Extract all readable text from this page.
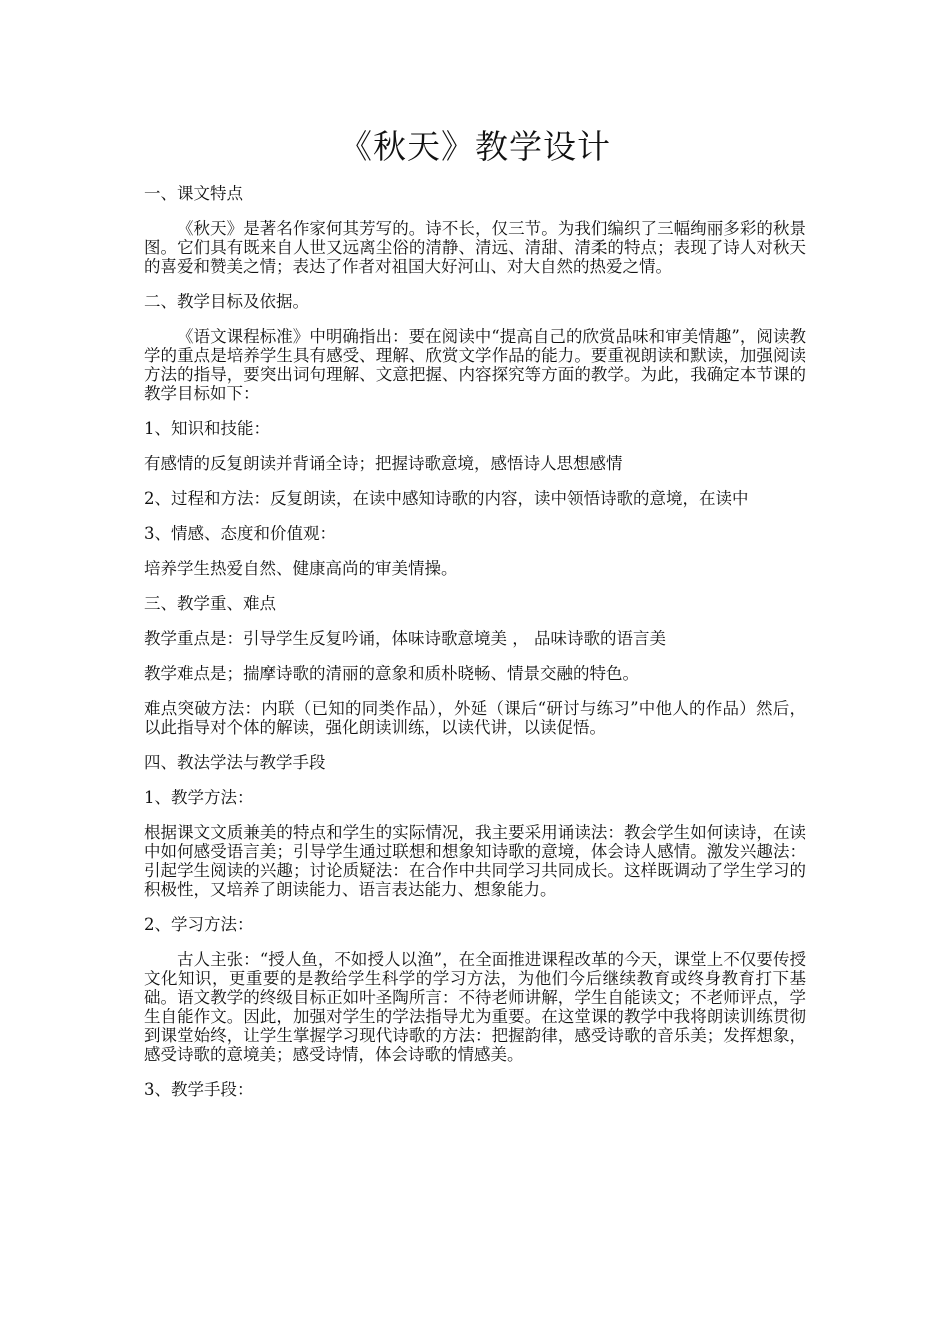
《秋天》教学设计

一、课文特点

《秋天》是著名作家何其芳写的。诗不长，仅三节。为我们编织了三幅绚丽多彩的秋景图。它们具有既来自人世又远离尘俗的清静、清远、清甜、清柔的特点；表现了诗人对秋天的喜爱和赞美之情；表达了作者对祖国大好河山、对大自然的热爱之情。

二、教学目标及依据。

《语文课程标准》中明确指出：要在阅读中“提高自己的欣赏品味和审美情趣”，阅读教学的重点是培养学生具有感受、理解、欣赏文学作品的能力。要重视朗读和默读，加强阅读方法的指导，要突出词句理解、文意把握、内容探究等方面的教学。为此，我确定本节课的教学目标如下：

1、知识和技能：

有感情的反复朗读并背诵全诗；把握诗歌意境，感悟诗人思想感情

2、过程和方法：反复朗读，在读中感知诗歌的内容，读中领悟诗歌的意境，在读中

3、情感、态度和价值观：

培养学生热爱自然、健康高尚的审美情操。

三、教学重、难点

教学重点是：引导学生反复吟诵，体味诗歌意境美 ， 品味诗歌的语言美

教学难点是；揣摩诗歌的清丽的意象和质朴晓畅、情景交融的特色。

难点突破方法：内联（已知的同类作品），外延（课后“研讨与练习”中他人的作品）然后，以此指导对个体的解读，强化朗读训练，以读代讲，以读促悟。

四、教法学法与教学手段

1、教学方法：

根据课文文质兼美的特点和学生的实际情况，我主要采用诵读法：教会学生如何读诗，在读中如何感受语言美；引导学生通过联想和想象知诗歌的意境，体会诗人感情。激发兴趣法：引起学生阅读的兴趣；讨论质疑法：在合作中共同学习共同成长。这样既调动了学生学习的积极性，又培养了朗读能力、语言表达能力、想象能力。

2、学习方法：

古人主张：“授人鱼，不如授人以渔”，在全面推进课程改革的今天，课堂上不仅要传授文化知识，更重要的是教给学生科学的学习方法，为他们今后继续教育或终身教育打下基础。语文教学的终级目标正如叶圣陶所言：不待老师讲解，学生自能读文；不老师评点，学生自能作文。因此，加强对学生的学法指导尤为重要。在这堂课的教学中我将朗读训练贯彻到课堂始终，让学生掌握学习现代诗歌的方法：把握韵律，感受诗歌的音乐美；发挥想象，感受诗歌的意境美；感受诗情，体会诗歌的情感美。

3、教学手段：
